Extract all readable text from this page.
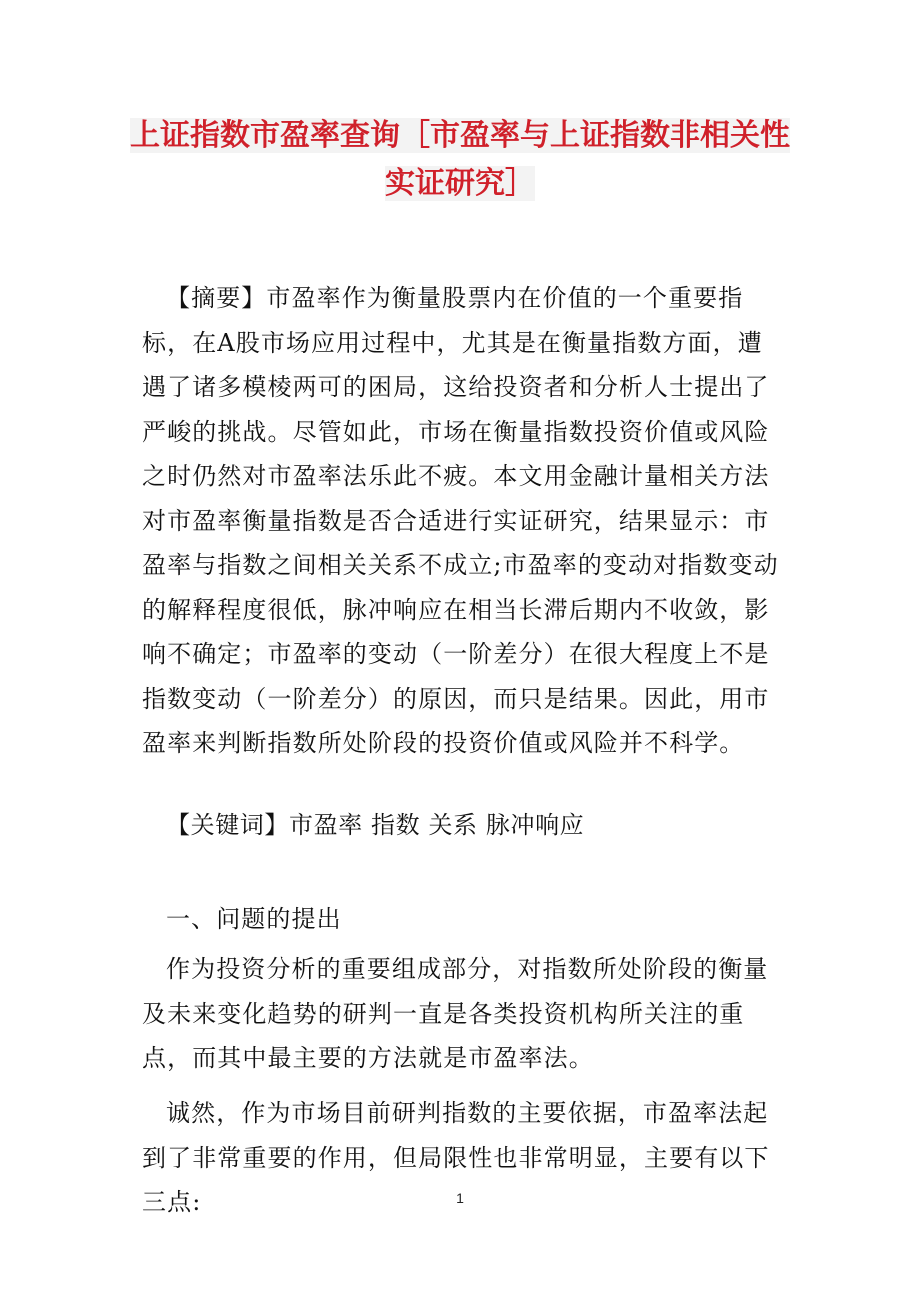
上证指数市盈率查询［市盈率与上证指数非相关性
实证研究］

【摘要】市盈率作为衡量股票内在价值的一个重要指标，在A股市场应用过程中，尤其是在衡量指数方面，遭遇了诸多模棱两可的困局，这给投资者和分析人士提出了严峻的挑战。尽管如此，市场在衡量指数投资价值或风险之时仍然对市盈率法乐此不疲。本文用金融计量相关方法对市盈率衡量指数是否合适进行实证研究，结果显示：市盈率与指数之间相关关系不成立;市盈率的变动对指数变动的解释程度很低，脉冲响应在相当长滞后期内不收敛，影响不确定；市盈率的变动（一阶差分）在很大程度上不是指数变动（一阶差分）的原因，而只是结果。因此，用市盈率来判断指数所处阶段的投资价值或风险并不科学。

【关键词】市盈率 指数 关系 脉冲响应

一、问题的提出

作为投资分析的重要组成部分，对指数所处阶段的衡量及未来变化趋势的研判一直是各类投资机构所关注的重点，而其中最主要的方法就是市盈率法。

诚然，作为市场目前研判指数的主要依据，市盈率法起到了非常重要的作用，但局限性也非常明显，主要有以下三点:	1
